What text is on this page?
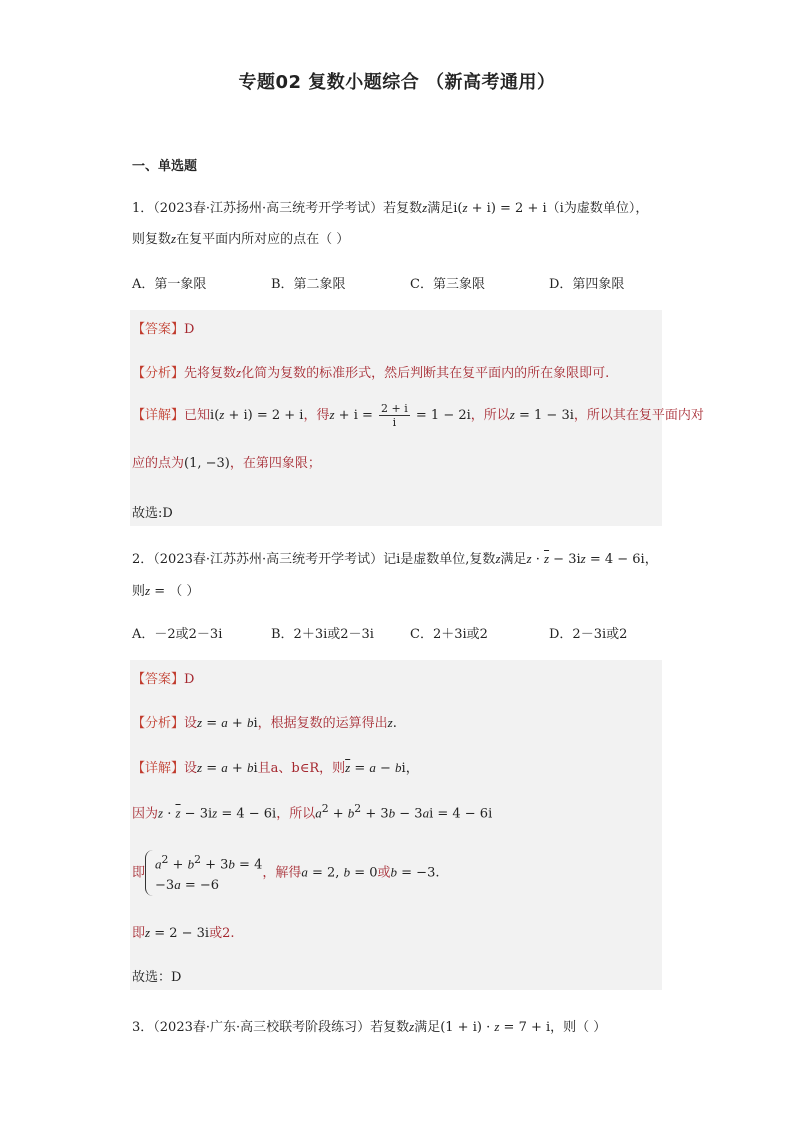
专题02 复数小题综合 （新高考通用）
一、单选题
1．（2023春·江苏扬州·高三统考开学考试）若复数z满足i(z + i) = 2 + i（i为虚数单位），
则复数z在复平面内所对应的点在（ ）
A．第一象限	B．第二象限	C．第三象限	D．第四象限
【答案】D
【分析】先将复数z化简为复数的标准形式，然后判断其在复平面内的所在象限即可.
【详解】已知i(z + i) = 2 + i，得$z + i = \frac{2 + i}{i} = 1 - 2i$，所以z = 1 − 3i，所以其在复平面内对
应的点为(1, −3)，在第四象限；
故选:D
2．（2023春·江苏苏州·高三统考开学考试）记i是虚数单位,复数z满足$z \cdot \overline{z} - 3iz = 4 - 6i$，
则z = （ ）
A．－2或2－3i	B．2＋3i或2－3i	C．2＋3i或2	D．2－3i或2
【答案】D
【分析】设z = a + bi，根据复数的运算得出z.
【详解】设z = a + bi且a、b∈R，则$\overline{z} = a$ − bi，
因为$z \cdot \overline{z} - 3iz = 4 - 6i$，所以$a^2 + b^2 + 3b - 3ai = 4 - 6i$
即
$a^2 + b^2 + 3b = 4$
−3a = −6
，解得a = 2, b = 0或b = −3.
即z = 2 − 3i或2.
故选：D
3．（2023春·广东·高三校联考阶段练习）若复数z满足(1 + i) · z = 7 + i，则（ ）
